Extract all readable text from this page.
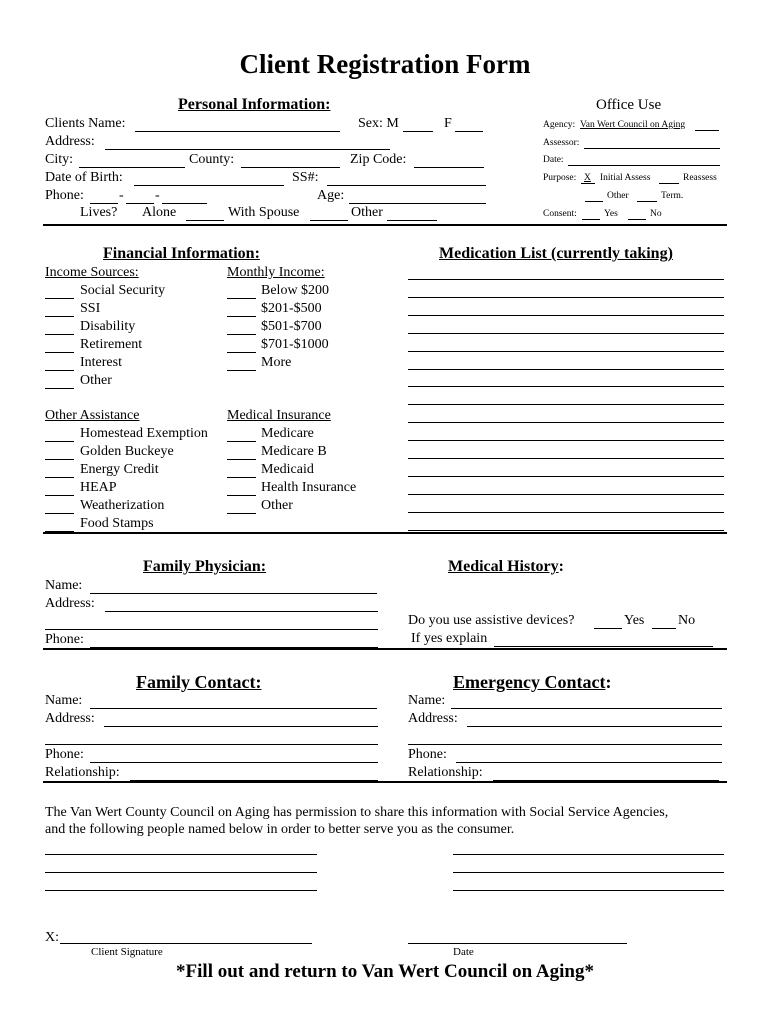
Client Registration Form
Personal Information:
Clients Name:	Sex: M	F
Address:
City:	County:	Zip Code:
Date of Birth:	SS#:
Phone:	- -	Age:
Lives? Alone	With Spouse	Other
Office Use
Agency: Van Wert Council on Aging
Assessor:
Date:
Purpose: X Initial Assess	Reassess
Other	Term.
Consent:	Yes	No
Financial Information:	Medication List (currently taking)
Income Sources:	Monthly Income:
Social Security
SSI
Disability
Retirement
Interest
Other
Below $200
$201-$500
$501-$700
$701-$1000
More
Other Assistance	Medical Insurance
Homestead Exemption
Golden Buckeye
Energy Credit
HEAP
Weatherization
Food Stamps
Medicare
Medicare B
Medicaid
Health Insurance
Other
Family Physician:	Medical History:
Name:
Address:
Phone:
Do you use assistive devices?	Yes No
If yes explain
Family Contact:	Emergency Contact:
Name:
Address:
Phone:
Relationship:
Name:
Address:
Phone:
Relationship:
The Van Wert County Council on Aging has permission to share this information with Social Service Agencies,
and the following people named below in order to better serve you as the consumer.
X:
Client Signature	Date
*Fill out and return to Van Wert Council on Aging*
